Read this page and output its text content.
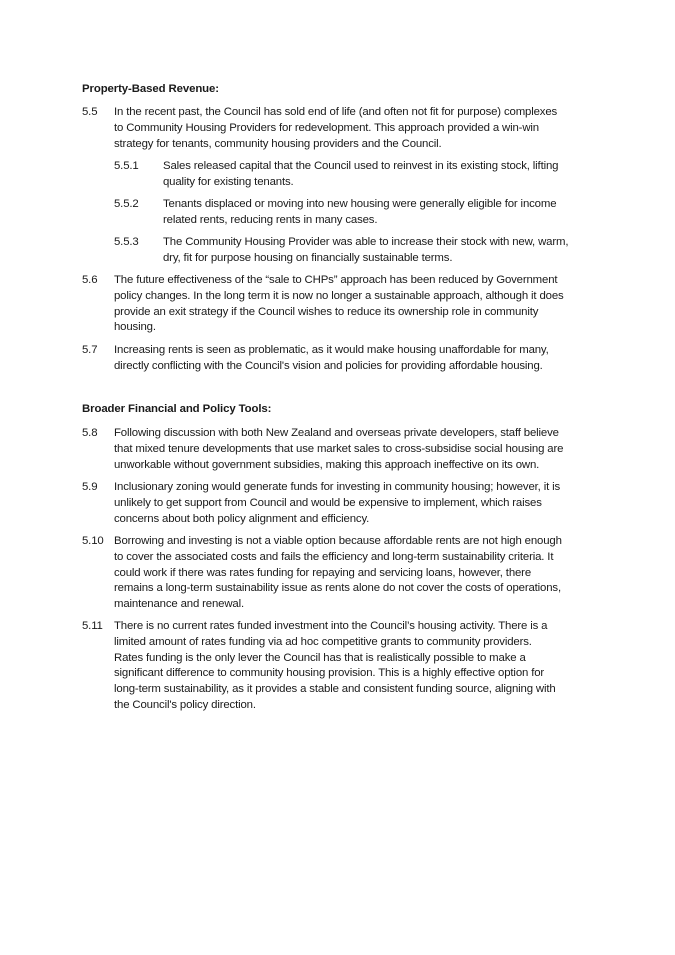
Property-Based Revenue:
5.5 In the recent past, the Council has sold end of life (and often not fit for purpose) complexes
to Community Housing Providers for redevelopment. This approach provided a win-win
strategy for tenants, community housing providers and the Council.
5.5.1 Sales released capital that the Council used to reinvest in its existing stock, lifting
quality for existing tenants.
5.5.2 Tenants displaced or moving into new housing were generally eligible for income
related rents, reducing rents in many cases.
5.5.3 The Community Housing Provider was able to increase their stock with new, warm,
dry, fit for purpose housing on financially sustainable terms.
5.6 The future effectiveness of the “sale to CHPs” approach has been reduced by Government
policy changes. In the long term it is now no longer a sustainable approach, although it does
provide an exit strategy if the Council wishes to reduce its ownership role in community
housing.
5.7 Increasing rents is seen as problematic, as it would make housing unaffordable for many,
directly conflicting with the Council's vision and policies for providing affordable housing.
Broader Financial and Policy Tools:
5.8 Following discussion with both New Zealand and overseas private developers, staff believe
that mixed tenure developments that use market sales to cross-subsidise social housing are
unworkable without government subsidies, making this approach ineffective on its own.
5.9 Inclusionary zoning would generate funds for investing in community housing; however, it is
unlikely to get support from Council and would be expensive to implement, which raises
concerns about both policy alignment and efficiency.
5.10 Borrowing and investing is not a viable option because affordable rents are not high enough
to cover the associated costs and fails the efficiency and long-term sustainability criteria. It
could work if there was rates funding for repaying and servicing loans, however, there
remains a long-term sustainability issue as rents alone do not cover the costs of operations,
maintenance and renewal.
5.11 There is no current rates funded investment into the Council’s housing activity. There is a
limited amount of rates funding via ad hoc competitive grants to community providers.
Rates funding is the only lever the Council has that is realistically possible to make a
significant difference to community housing provision. This is a highly effective option for
long-term sustainability, as it provides a stable and consistent funding source, aligning with
the Council's policy direction.
